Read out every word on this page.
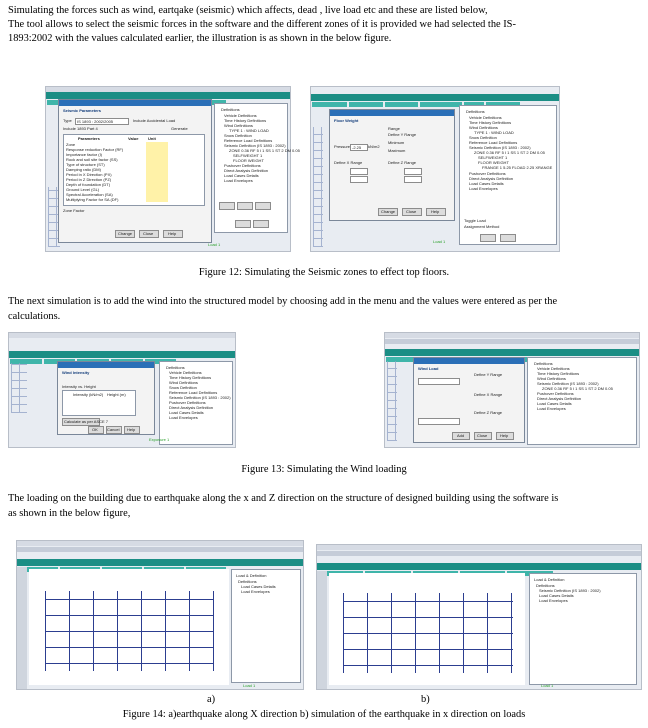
Simulating the forces such as wind, eartqake (seismic) which affects, dead , live load etc and these are listed below,

The tool allows to select the seismic forces in the software and the different zones of it is provided we had selected the IS-

1893:2002 with the values calculated earlier, the illustration is as shown in the below figure.

Seismic Parameters
Type IS 1893 : 2002/2005	Include Accidental Load
Include 1893 Part 4	Generate
Parameters	Value Unit
Zone
Response reduction Factor (RF)
Importance factor (I)
Rock and soil site factor (SS)
Type of structure (ST)
Damping ratio (DM)
Period in X Direction (PX)
Period in Z Direction (PZ)
Depth of foundation (DT)
Ground Level (GL)
Spectral Acceleration (SA)
Multiplying Factor for SA (DF)
Zone Factor
Change	Close	Help
Definitions
Vehicle Definitions
Time History Definitions
Wind Definitions
TYPE 1 : WIND LOAD
Snow Definition
Reference Load Definitions
Seismic Definition (IS 1893 : 2002)
ZONE 0.36 RF 5 I 1 SS 1 ST 2 DM 0.05
SELFWEIGHT 1
FLOOR WEIGHT
Pushover Definitions
Direct Analysis Definition
Load Cases Details
Load Envelopes
Load 1
Floor Weight
Range
Define Y Range
Pressure -2.25 kN/m2
Minimum
Maximum
Define X Range	Define Z Range
Change	Close	Help
Definitions
Vehicle Definitions
Time History Definitions
Wind Definitions
TYPE 1 : WIND LOAD
Snow Definition
Reference Load Definitions
Seismic Definition (IS 1893 : 2002)
ZONE 0.36 RF 5 I 1 SS 1 ST 2 DM 0.05
SELFWEIGHT 1
FLOOR WEIGHT
FRANGE 1 5.25 FLOAD 2.25 XRANGE
Pushover Definitions
Direct Analysis Definition
Load Cases Details
Load Envelopes
Toggle Load
Assignment Method
Load 1
Figure 12: Simulating the Seismic zones to effect top floors.

The next simulation is to add the wind into the structured model by choosing add in the menu and the values were entered as per the

calculations.

Wind Intensity
Intensity vs. Height
Intensity (kN/m2) Height (m)
Calculate as per ASCE 7
OK Cancel Help
Definitions
Vehicle Definitions
Time History Definitions
Wind Definitions
Snow Definition
Reference Load Definitions
Seismic Definition (IS 1893 : 2002)
Pushover Definitions
Direct Analysis Definition
Load Cases Details
Load Envelopes
Exposure 1
Wind Load
Define Y Range
Define X Range
Define Z Range
Add	Close	Help
Definitions
Vehicle Definitions
Time History Definitions
Wind Definitions
Seismic Definition (IS 1893 : 2002)
ZONE 0.36 RF 5 I 1 SS 1 ST 2 DM 0.05
Pushover Definitions
Direct Analysis Definition
Load Cases Details
Load Envelopes
Figure 13: Simulating the Wind loading

The loading on the building due to earthquake along the x and Z direction on the structure of designed building using the software is

as shown in the below figure,

Load & Definition
Definitions
Load Cases Details
Load Envelopes
Load 1
Load & Definition
Definitions
Seismic Definition (IS 1893 : 2002)
Load Cases Details
Load Envelopes
Load 1
a)	b)
Figure 14: a)earthquake along X direction b) simulation of the earthquake in x direction on loads
